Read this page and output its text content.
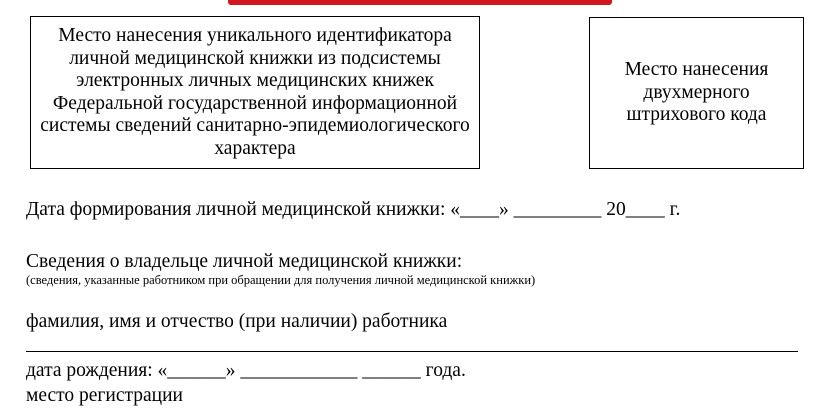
Место нанесения уникального идентификатора личной медицинской книжки из подсистемы электронных личных медицинских книжек Федеральной государственной информационной системы сведений санитарно-эпидемиологического характера
Место нанесения двухмерного штрихового кода
Дата формирования личной медицинской книжки: «____» _________ 20____ г.
Сведения о владельце личной медицинской книжки:
(сведения, указанные работником при обращении для получения личной медицинской книжки)
фамилия, имя и отчество (при наличии) работника
дата рождения: «______» ____________ ______ года.
место регистрации
